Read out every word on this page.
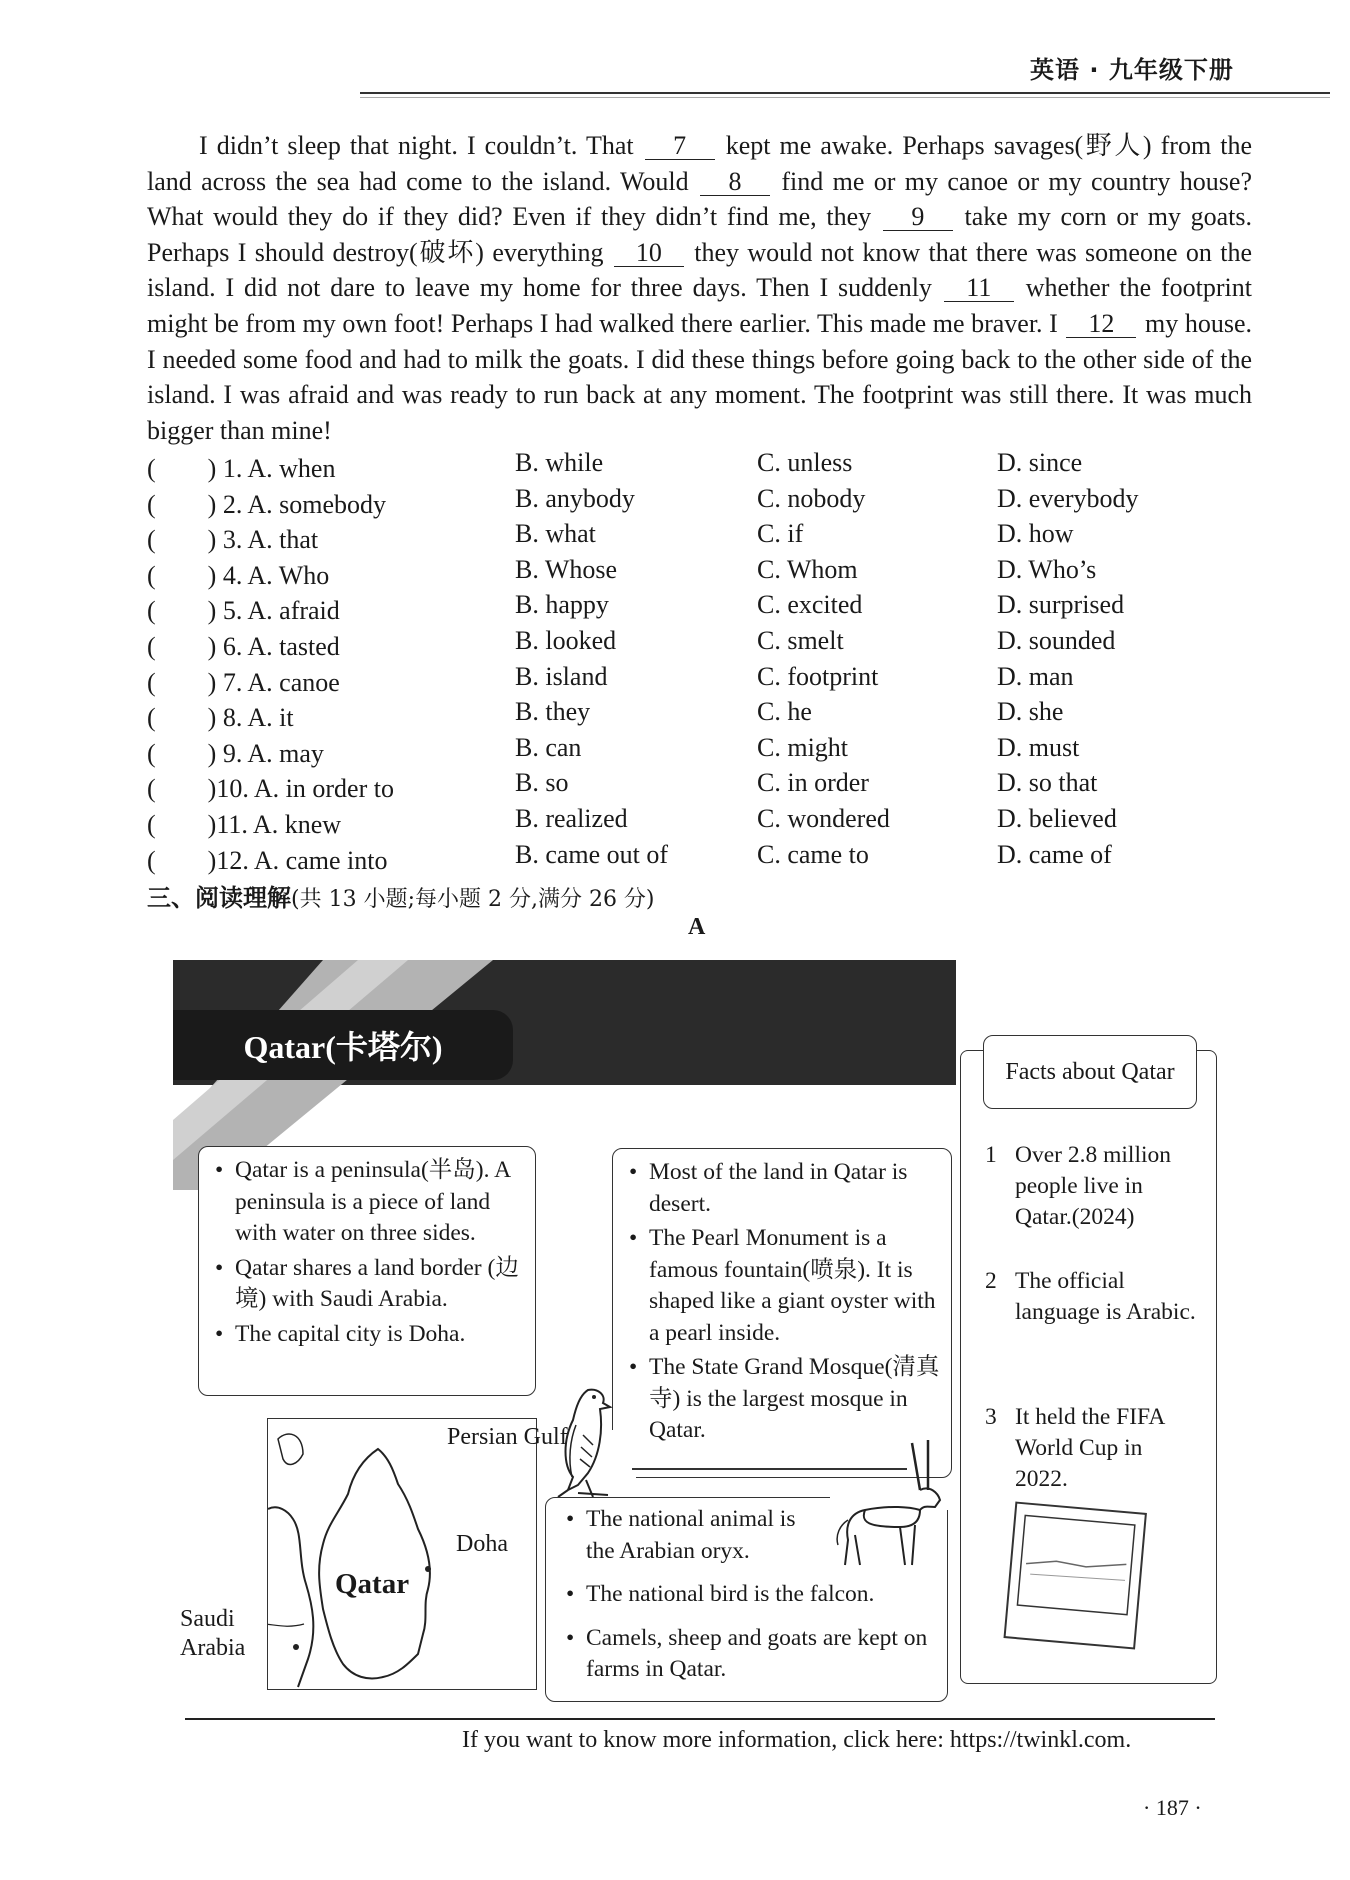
英语 · 九年级下册
I didn’t sleep that night. I couldn’t. That 7 kept me awake. Perhaps savages(野人) from the land across the sea had come to the island. Would 8 find me or my canoe or my country house? What would they do if they did? Even if they didn’t find me, they 9 take my corn or my goats. Perhaps I should destroy(破坏) everything 10 they would not know that there was someone on the island. I did not dare to leave my home for three days. Then I suddenly 11 whether the footprint might be from my own foot! Perhaps I had walked there earlier. This made me braver. I 12 my house. I needed some food and had to milk the goats. I did these things before going back to the other side of the island. I was afraid and was ready to run back at any moment. The footprint was still there. It was much bigger than mine!
(　　) 1. A. when	B. while	C. unless	D. since
(　　) 2. A. somebody	B. anybody	C. nobody	D. everybody
(　　) 3. A. that	B. what	C. if	D. how
(　　) 4. A. Who	B. Whose	C. Whom	D. Who’s
(　　) 5. A. afraid	B. happy	C. excited	D. surprised
(　　) 6. A. tasted	B. looked	C. smelt	D. sounded
(　　) 7. A. canoe	B. island	C. footprint	D. man
(　　) 8. A. it	B. they	C. he	D. she
(　　) 9. A. may	B. can	C. might	D. must
(　　)10. A. in order to	B. so	C. in order	D. so that
(　　)11. A. knew	B. realized	C. wondered	D. believed
(　　)12. A. came into	B. came out of	C. came to	D. came of
三、阅读理解(共 13 小题;每小题 2 分,满分 26 分)
A
Qatar(卡塔尔)
• Qatar is a peninsula(半岛). A peninsula is a piece of land with water on three sides.
• Qatar shares a land border (边境) with Saudi Arabia.
• The capital city is Doha.
• Most of the land in Qatar is desert.
• The Pearl Monument is a famous fountain(喷泉). It is shaped like a giant oyster with a pearl inside.
• The State Grand Mosque(清真寺) is the largest mosque in Qatar.
Persian Gulf
Doha
Qatar
Saudi Arabia
• The national animal is the Arabian oryx.
• The national bird is the falcon.
• Camels, sheep and goats are kept on farms in Qatar.
Facts about Qatar
1 Over 2.8 million people live in Qatar.(2024)
2 The official language is Arabic.
3 It held the FIFA World Cup in 2022.
If you want to know more information, click here: https://twinkl.com.
· 187 ·
